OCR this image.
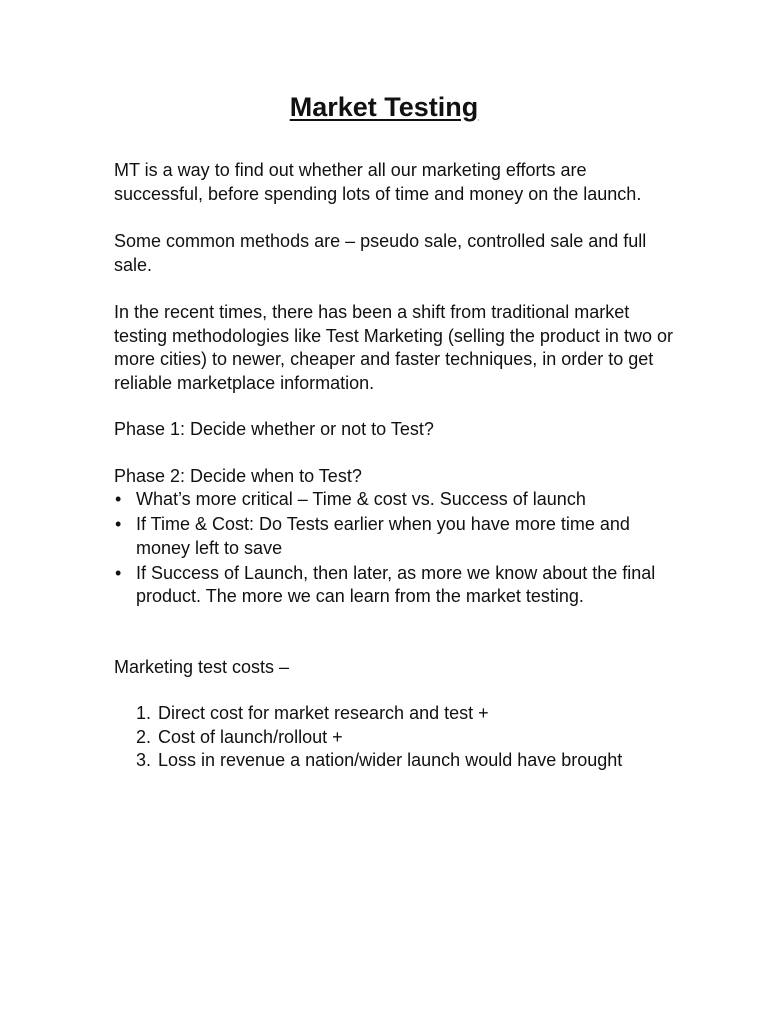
Market Testing

MT is a way to find out whether all our marketing efforts are successful, before spending lots of time and money on the launch.

Some common methods are – pseudo sale, controlled sale and full sale.

In the recent times, there has been a shift from traditional market testing methodologies like Test Marketing (selling the product in two or more cities) to newer, cheaper and faster techniques, in order to get reliable marketplace information.

Phase 1: Decide whether or not to Test?

Phase 2: Decide when to Test?

• What’s more critical – Time & cost vs. Success of launch
• If Time & Cost: Do Tests earlier when you have more time and money left to save
• If Success of Launch, then later, as more we know about the final product. The more we can learn from the market testing.

Marketing test costs –

1. Direct cost for market research and test +
2. Cost of launch/rollout +
3. Loss in revenue a nation/wider launch would have brought
